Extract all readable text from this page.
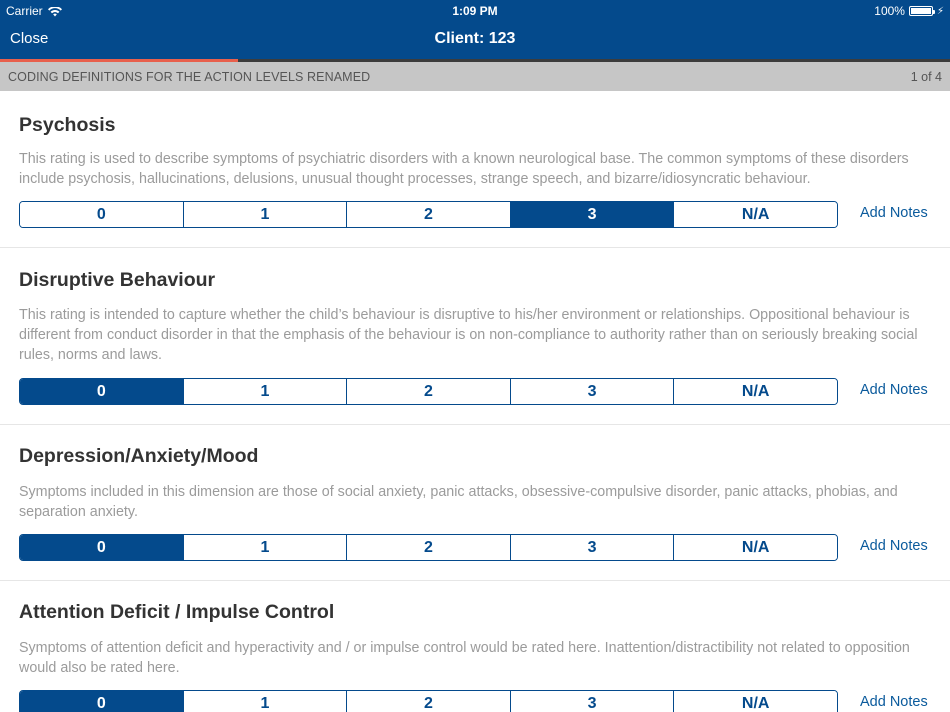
Carrier	1:09 PM	100%	⚡
Close	Client: 123
CODING DEFINITIONS FOR THE ACTION LEVELS RENAMED	1 of 4
Psychosis
This rating is used to describe symptoms of psychiatric disorders with a known neurological base. The common symptoms of these disorders include psychosis, hallucinations, delusions, unusual thought processes, strange speech, and bizarre/idiosyncratic behaviour.
0	1	2	3	N/A	Add Notes
Disruptive Behaviour
This rating is intended to capture whether the child’s behaviour is disruptive to his/her environment or relationships. Oppositional behaviour is different from conduct disorder in that the emphasis of the behaviour is on non-compliance to authority rather than on seriously breaking social rules, norms and laws.
0	1	2	3	N/A	Add Notes
Depression/Anxiety/Mood
Symptoms included in this dimension are those of social anxiety, panic attacks, obsessive-compulsive disorder, panic attacks, phobias, and separation anxiety.
0	1	2	3	N/A	Add Notes
Attention Deficit / Impulse Control
Symptoms of attention deficit and hyperactivity and / or impulse control would be rated here. Inattention/distractibility not related to opposition would also be rated here.
0	1	2	3	N/A	Add Notes
